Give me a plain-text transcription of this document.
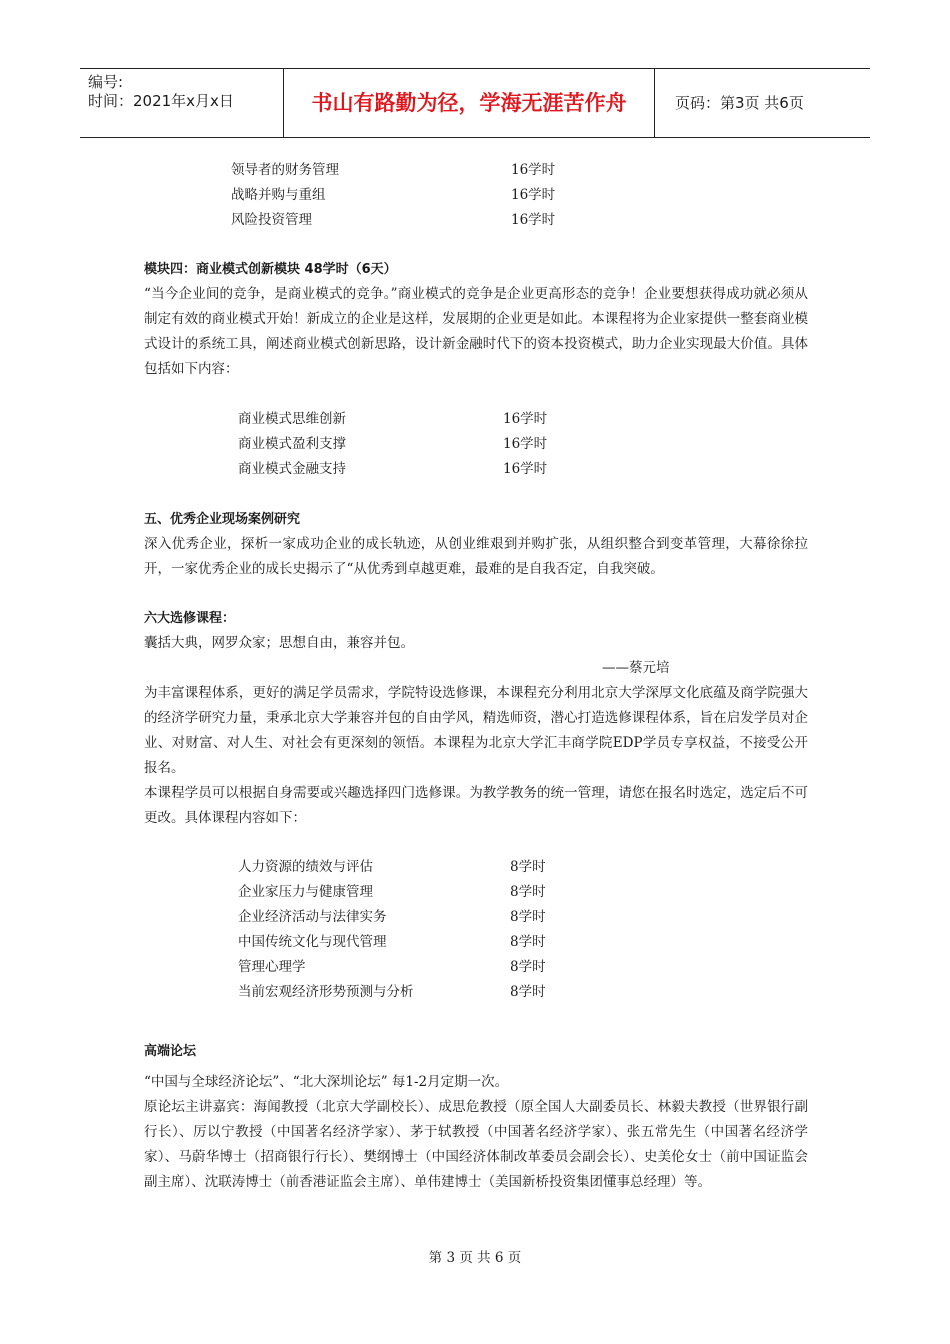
编号:
时间：2021年x月x日	书山有路勤为径，学海无涯苦作舟	页码：第3页 共6页
领导者的财务管理	16学时
战略并购与重组	16学时
风险投资管理	16学时
模块四：商业模式创新模块 48学时（6天）
“当今企业间的竞争，是商业模式的竞争。”商业模式的竞争是企业更高形态的竞争！企业要想获得成功就必须从制定有效的商业模式开始！新成立的企业是这样，发展期的企业更是如此。本课程将为企业家提供一整套商业模式设计的系统工具，阐述商业模式创新思路，设计新金融时代下的资本投资模式，助力企业实现最大价值。具体包括如下内容：
商业模式思维创新	16学时
商业模式盈利支撑	16学时
商业模式金融支持	16学时
五、优秀企业现场案例研究
深入优秀企业，探析一家成功企业的成长轨迹，从创业维艰到并购扩张，从组织整合到变革管理，大幕徐徐拉开，一家优秀企业的成长史揭示了“从优秀到卓越更难，最难的是自我否定，自我突破。
六大选修课程：
囊括大典，网罗众家；思想自由，兼容并包。
——蔡元培
为丰富课程体系，更好的满足学员需求，学院特设选修课，本课程充分利用北京大学深厚文化底蕴及商学院强大的经济学研究力量，秉承北京大学兼容并包的自由学风，精选师资，潜心打造选修课程体系，旨在启发学员对企业、对财富、对人生、对社会有更深刻的领悟。本课程为北京大学汇丰商学院EDP学员专享权益，不接受公开报名。
本课程学员可以根据自身需要或兴趣选择四门选修课。为教学教务的统一管理，请您在报名时选定，选定后不可更改。具体课程内容如下：
人力资源的绩效与评估	8学时
企业家压力与健康管理	8学时
企业经济活动与法律实务	8学时
中国传统文化与现代管理	8学时
管理心理学	8学时
当前宏观经济形势预测与分析	8学时
高端论坛
“中国与全球经济论坛”、“北大深圳论坛” 每1-2月定期一次。
原论坛主讲嘉宾：海闻教授（北京大学副校长）、成思危教授（原全国人大副委员长、林毅夫教授（世界银行副行长）、厉以宁教授（中国著名经济学家）、茅于轼教授（中国著名经济学家）、张五常先生（中国著名经济学家）、马蔚华博士（招商银行行长）、樊纲博士（中国经济体制改革委员会副会长）、史美伦女士（前中国证监会副主席）、沈联涛博士（前香港证监会主席）、单伟建博士（美国新桥投资集团懂事总经理）等。
第 3 页 共 6 页
